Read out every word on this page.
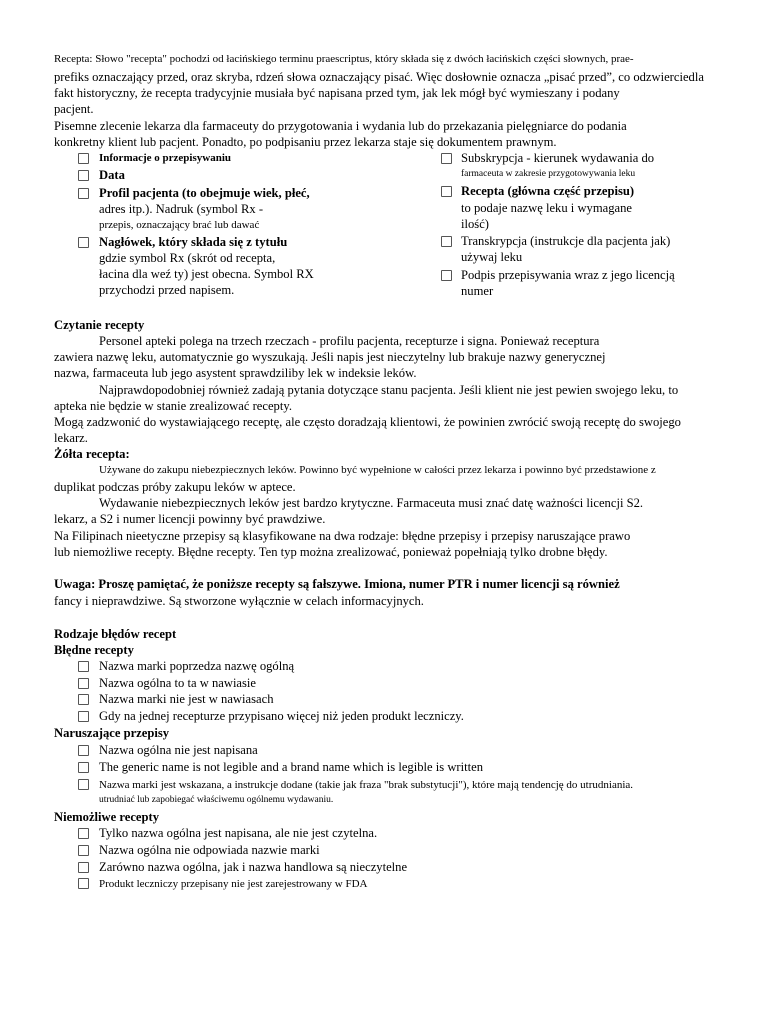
Recepta: Słowo "recepta" pochodzi od łacińskiego terminu praescriptus, który składa się z dwóch łacińskich części słownych, prae-
prefiks oznaczający przed, oraz skryba, rdzeń słowa oznaczający pisać. Więc dosłownie oznacza „pisać przed”, co odzwierciedla
fakt historyczny, że recepta tradycyjnie musiała być napisana przed tym, jak lek mógł być wymieszany i podany
pacjent.
Pisemne zlecenie lekarza dla farmaceuty do przygotowania i wydania lub do przekazania pielęgniarce do podania
konkretny klient lub pacjent. Ponadto, po podpisaniu przez lekarza staje się dokumentem prawnym.
Informacje o przepisywaniu
Data
Profil pacjenta (to obejmuje wiek, płeć,
adres itp.). Nadruk (symbol Rx -
przepis, oznaczający brać lub dawać
Nagłówek, który składa się z tytułu
gdzie symbol Rx (skrót od recepta,
łacina dla weź ty) jest obecna. Symbol RX
przychodzi przed napisem.
Subskrypcja - kierunek wydawania do
farmaceuta w zakresie przygotowywania leku
Recepta (główna część przepisu)
to podaje nazwę leku i wymagane
ilość)
Transkrypcja (instrukcje dla pacjenta jak)
używaj leku
Podpis przepisywania wraz z jego licencją
numer
Czytanie recepty
Personel apteki polega na trzech rzeczach - profilu pacjenta, recepturze i signa. Ponieważ receptura
zawiera nazwę leku, automatycznie go wyszukają. Jeśli napis jest nieczytelny lub brakuje nazwy generycznej
nazwa, farmaceuta lub jego asystent sprawdziliby lek w indeksie leków.
Najprawdopodobniej również zadają pytania dotyczące stanu pacjenta. Jeśli klient nie jest pewien swojego leku, to
apteka nie będzie w stanie zrealizować recepty.
Mogą zadzwonić do wystawiającego receptę, ale często doradzają klientowi, że powinien zwrócić swoją receptę do swojego
lekarz.
Żółta recepta:
Używane do zakupu niebezpiecznych leków. Powinno być wypełnione w całości przez lekarza i powinno być przedstawione z
duplikat podczas próby zakupu leków w aptece.
Wydawanie niebezpiecznych leków jest bardzo krytyczne. Farmaceuta musi znać datę ważności licencji S2.
lekarz, a S2 i numer licencji powinny być prawdziwe.
Na Filipinach nieetyczne przepisy są klasyfikowane na dwa rodzaje: błędne przepisy i przepisy naruszające prawo
lub niemożliwe recepty. Błędne recepty. Ten typ można zrealizować, ponieważ popełniają tylko drobne błędy.
Uwaga: Proszę pamiętać, że poniższe recepty są fałszywe. Imiona, numer PTR i numer licencji są również
fancy i nieprawdziwe. Są stworzone wyłącznie w celach informacyjnych.
Rodzaje błędów recept
Błędne recepty
Nazwa marki poprzedza nazwę ogólną
Nazwa ogólna to ta w nawiasie
Nazwa marki nie jest w nawiasach
Gdy na jednej recepturze przypisano więcej niż jeden produkt leczniczy.
Naruszające przepisy
Nazwa ogólna nie jest napisana
The generic name is not legible and a brand name which is legible is written
Nazwa marki jest wskazana, a instrukcje dodane (takie jak fraza "brak substytucji"), które mają tendencję do utrudniania.
utrudniać lub zapobiegać właściwemu ogólnemu wydawaniu.
Niemożliwe recepty
Tylko nazwa ogólna jest napisana, ale nie jest czytelna.
Nazwa ogólna nie odpowiada nazwie marki
Zarówno nazwa ogólna, jak i nazwa handlowa są nieczytelne
Produkt leczniczy przepisany nie jest zarejestrowany w FDA
